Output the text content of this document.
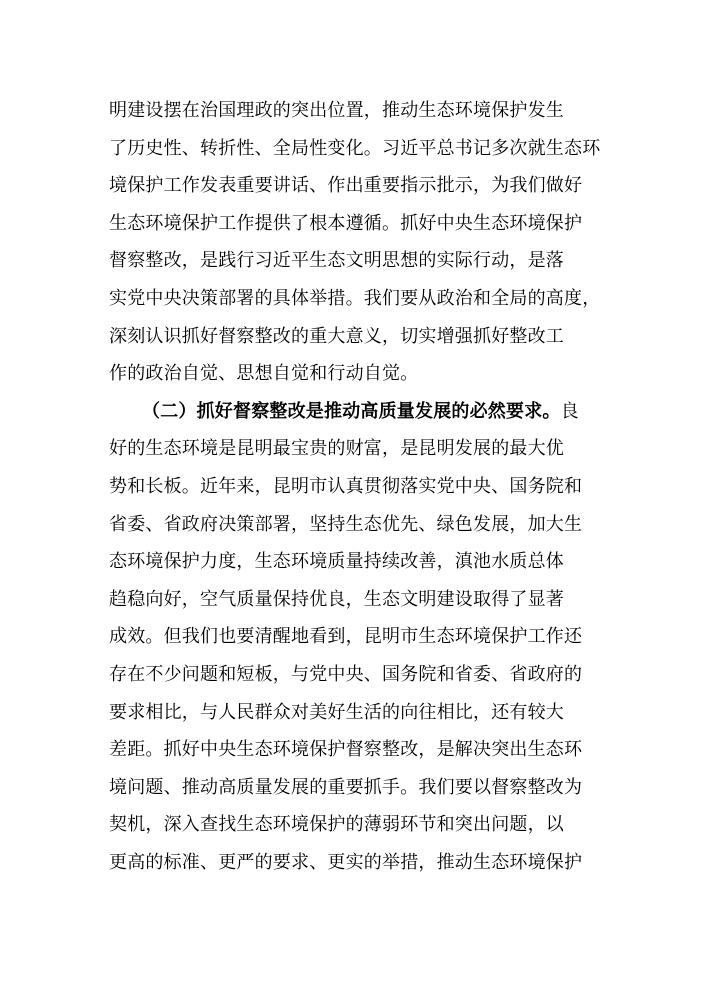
明建设摆在治国理政的突出位置，推动生态环境保护发生
了历史性、转折性、全局性变化。习近平总书记多次就生态环
境保护工作发表重要讲话、作出重要指示批示，为我们做好
生态环境保护工作提供了根本遵循。抓好中央生态环境保护
督察整改，是践行习近平生态文明思想的实际行动，是落
实党中央决策部署的具体举措。我们要从政治和全局的高度，
深刻认识抓好督察整改的重大意义，切实增强抓好整改工
作的政治自觉、思想自觉和行动自觉。
（二）抓好督察整改是推动高质量发展的必然要求。良
好的生态环境是昆明最宝贵的财富，是昆明发展的最大优
势和长板。近年来，昆明市认真贯彻落实党中央、国务院和
省委、省政府决策部署，坚持生态优先、绿色发展，加大生
态环境保护力度，生态环境质量持续改善，滇池水质总体
趋稳向好，空气质量保持优良，生态文明建设取得了显著
成效。但我们也要清醒地看到，昆明市生态环境保护工作还
存在不少问题和短板，与党中央、国务院和省委、省政府的
要求相比，与人民群众对美好生活的向往相比，还有较大
差距。抓好中央生态环境保护督察整改，是解决突出生态环
境问题、推动高质量发展的重要抓手。我们要以督察整改为
契机，深入查找生态环境保护的薄弱环节和突出问题，以
更高的标准、更严的要求、更实的举措，推动生态环境保护
